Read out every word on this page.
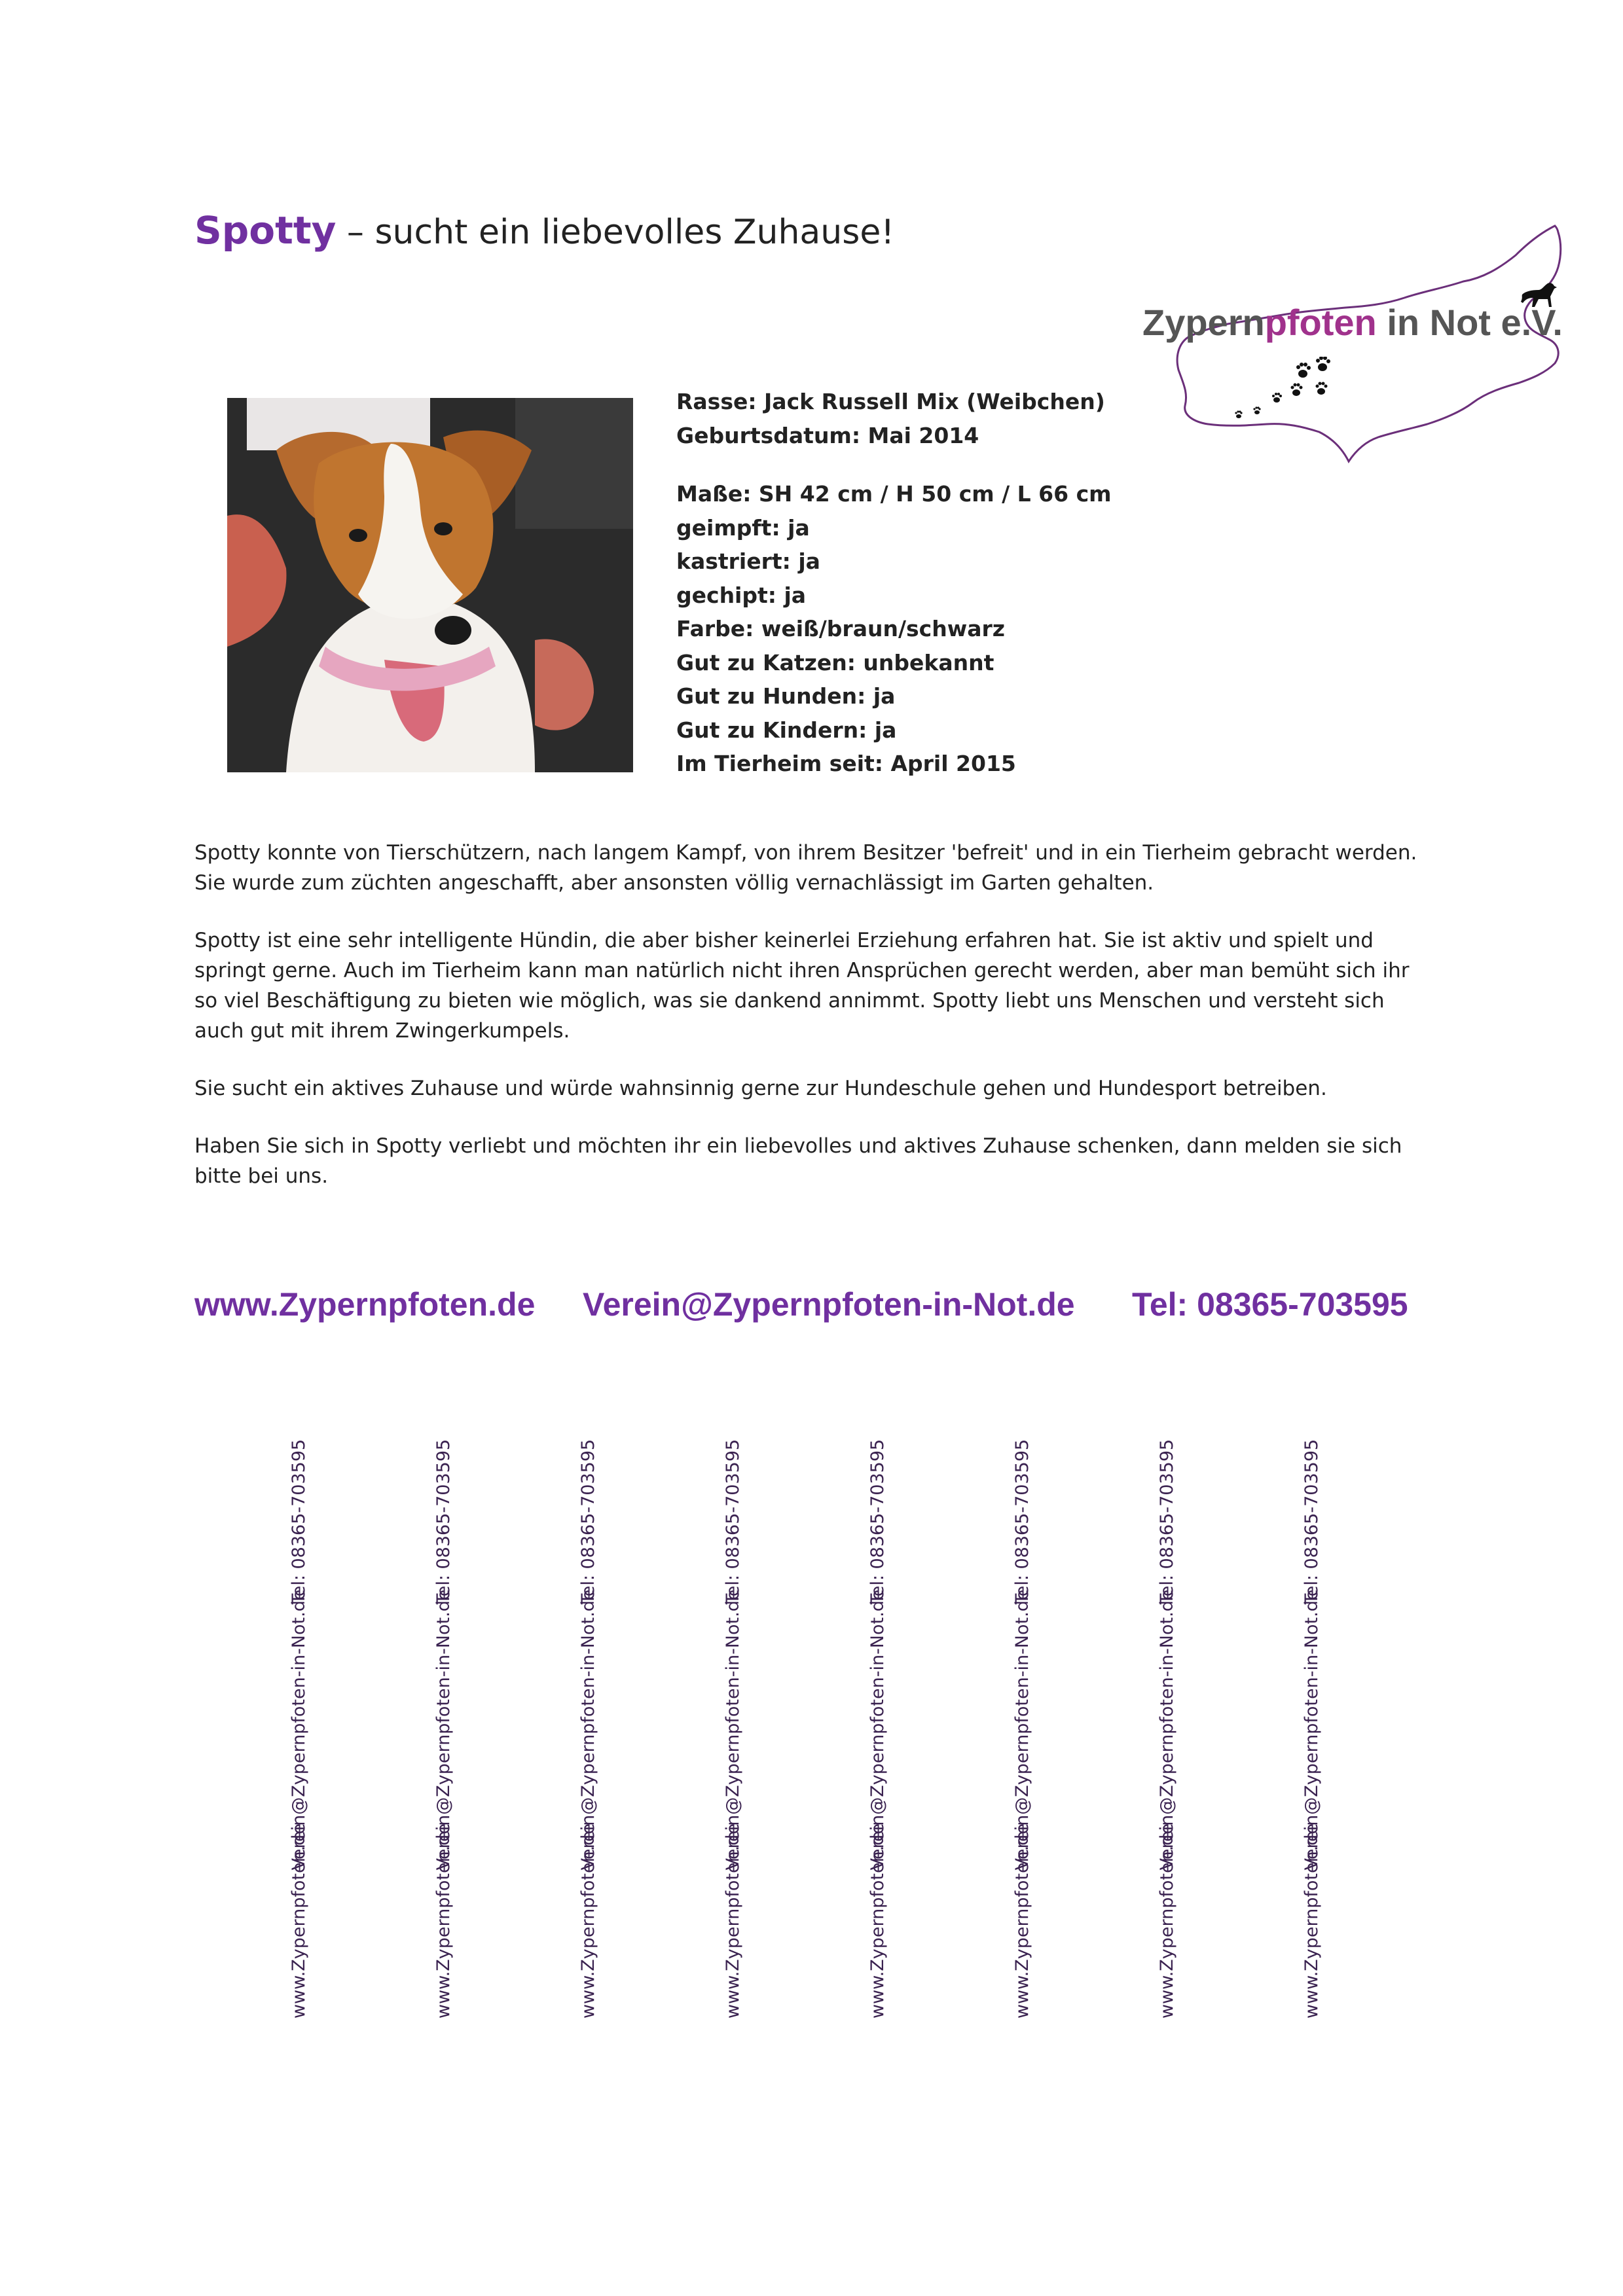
Spotty – sucht ein liebevolles Zuhause!
Zypernpfoten in Not e.V.
Rasse: Jack Russell Mix (Weibchen)
Geburtsdatum: Mai 2014
Maße: SH 42 cm / H 50 cm / L 66 cm
geimpft: ja
kastriert: ja
gechipt: ja
Farbe: weiß/braun/schwarz
Gut zu Katzen: unbekannt
Gut zu Hunden: ja
Gut zu Kindern: ja
Im Tierheim seit: April 2015

Spotty konnte von Tierschützern, nach langem Kampf, von ihrem Besitzer 'befreit' und in ein Tierheim gebracht werden. Sie wurde zum züchten angeschafft, aber ansonsten völlig vernachlässigt im Garten gehalten.

Spotty ist eine sehr intelligente Hündin, die aber bisher keinerlei Erziehung erfahren hat. Sie ist aktiv und spielt und springt gerne. Auch im Tierheim kann man natürlich nicht ihren Ansprüchen gerecht werden, aber man bemüht sich ihr so viel Beschäftigung zu bieten wie möglich, was sie dankend annimmt. Spotty liebt uns Menschen und versteht sich auch gut mit ihrem Zwingerkumpels.

Sie sucht ein aktives Zuhause und würde wahnsinnig gerne zur Hundeschule gehen und Hundesport betreiben.

Haben Sie sich in Spotty verliebt und möchten ihr ein liebevolles und aktives Zuhause schenken, dann melden sie sich bitte bei uns.

www.Zypernpfoten.de Verein@Zypernpfoten-in-Not.de Tel: 08365-703595
Tel: 08365-703595
Verein@Zypernpfoten-in-Not.de
www.Zypernpfoten.de
Tel: 08365-703595
Verein@Zypernpfoten-in-Not.de
www.Zypernpfoten.de
Tel: 08365-703595
Verein@Zypernpfoten-in-Not.de
www.Zypernpfoten.de
Tel: 08365-703595
Verein@Zypernpfoten-in-Not.de
www.Zypernpfoten.de
Tel: 08365-703595
Verein@Zypernpfoten-in-Not.de
www.Zypernpfoten.de
Tel: 08365-703595
Verein@Zypernpfoten-in-Not.de
www.Zypernpfoten.de
Tel: 08365-703595
Verein@Zypernpfoten-in-Not.de
www.Zypernpfoten.de
Tel: 08365-703595
Verein@Zypernpfoten-in-Not.de
www.Zypernpfoten.de
